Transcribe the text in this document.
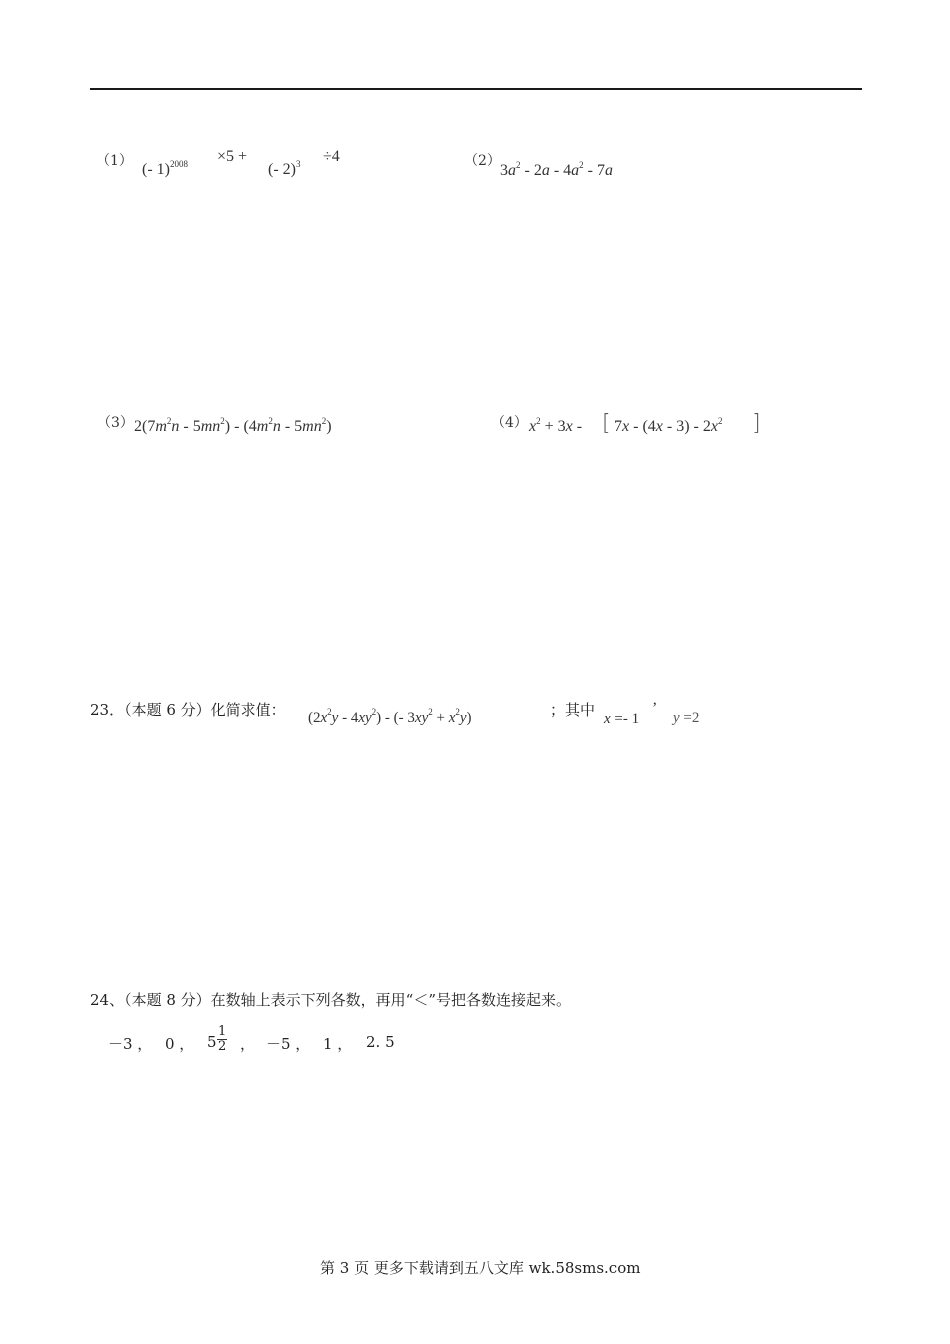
（1） (- 1)$^{2008}$ ×5 +
(- 2)$^3$ ÷4	（2）
$3a^2 - 2a - 4a^2 - 7a$
（3） $2(7m^2n - 5mn^2) - (4m^2n - 5mn^2)$	（4） $x^2 + 3x$ - [ $7x - (4x - 3) - 2x^2$ ]
23．（本题 6 分）化简求值： $(2x^2y - 4xy^2)$ - (- $3xy^2 + x^2y$)	；其中 x =- 1
’
y =2
24、（本题 8 分）在数轴上表示下列各数，再用“＜”号把各数连接起来。
－3 ， 0 ， $5 \frac{1}{2}$ ， －5 ， 1 ， 2. 5
第 3 页 更多下载请到五八文库 wk.58sms.com
